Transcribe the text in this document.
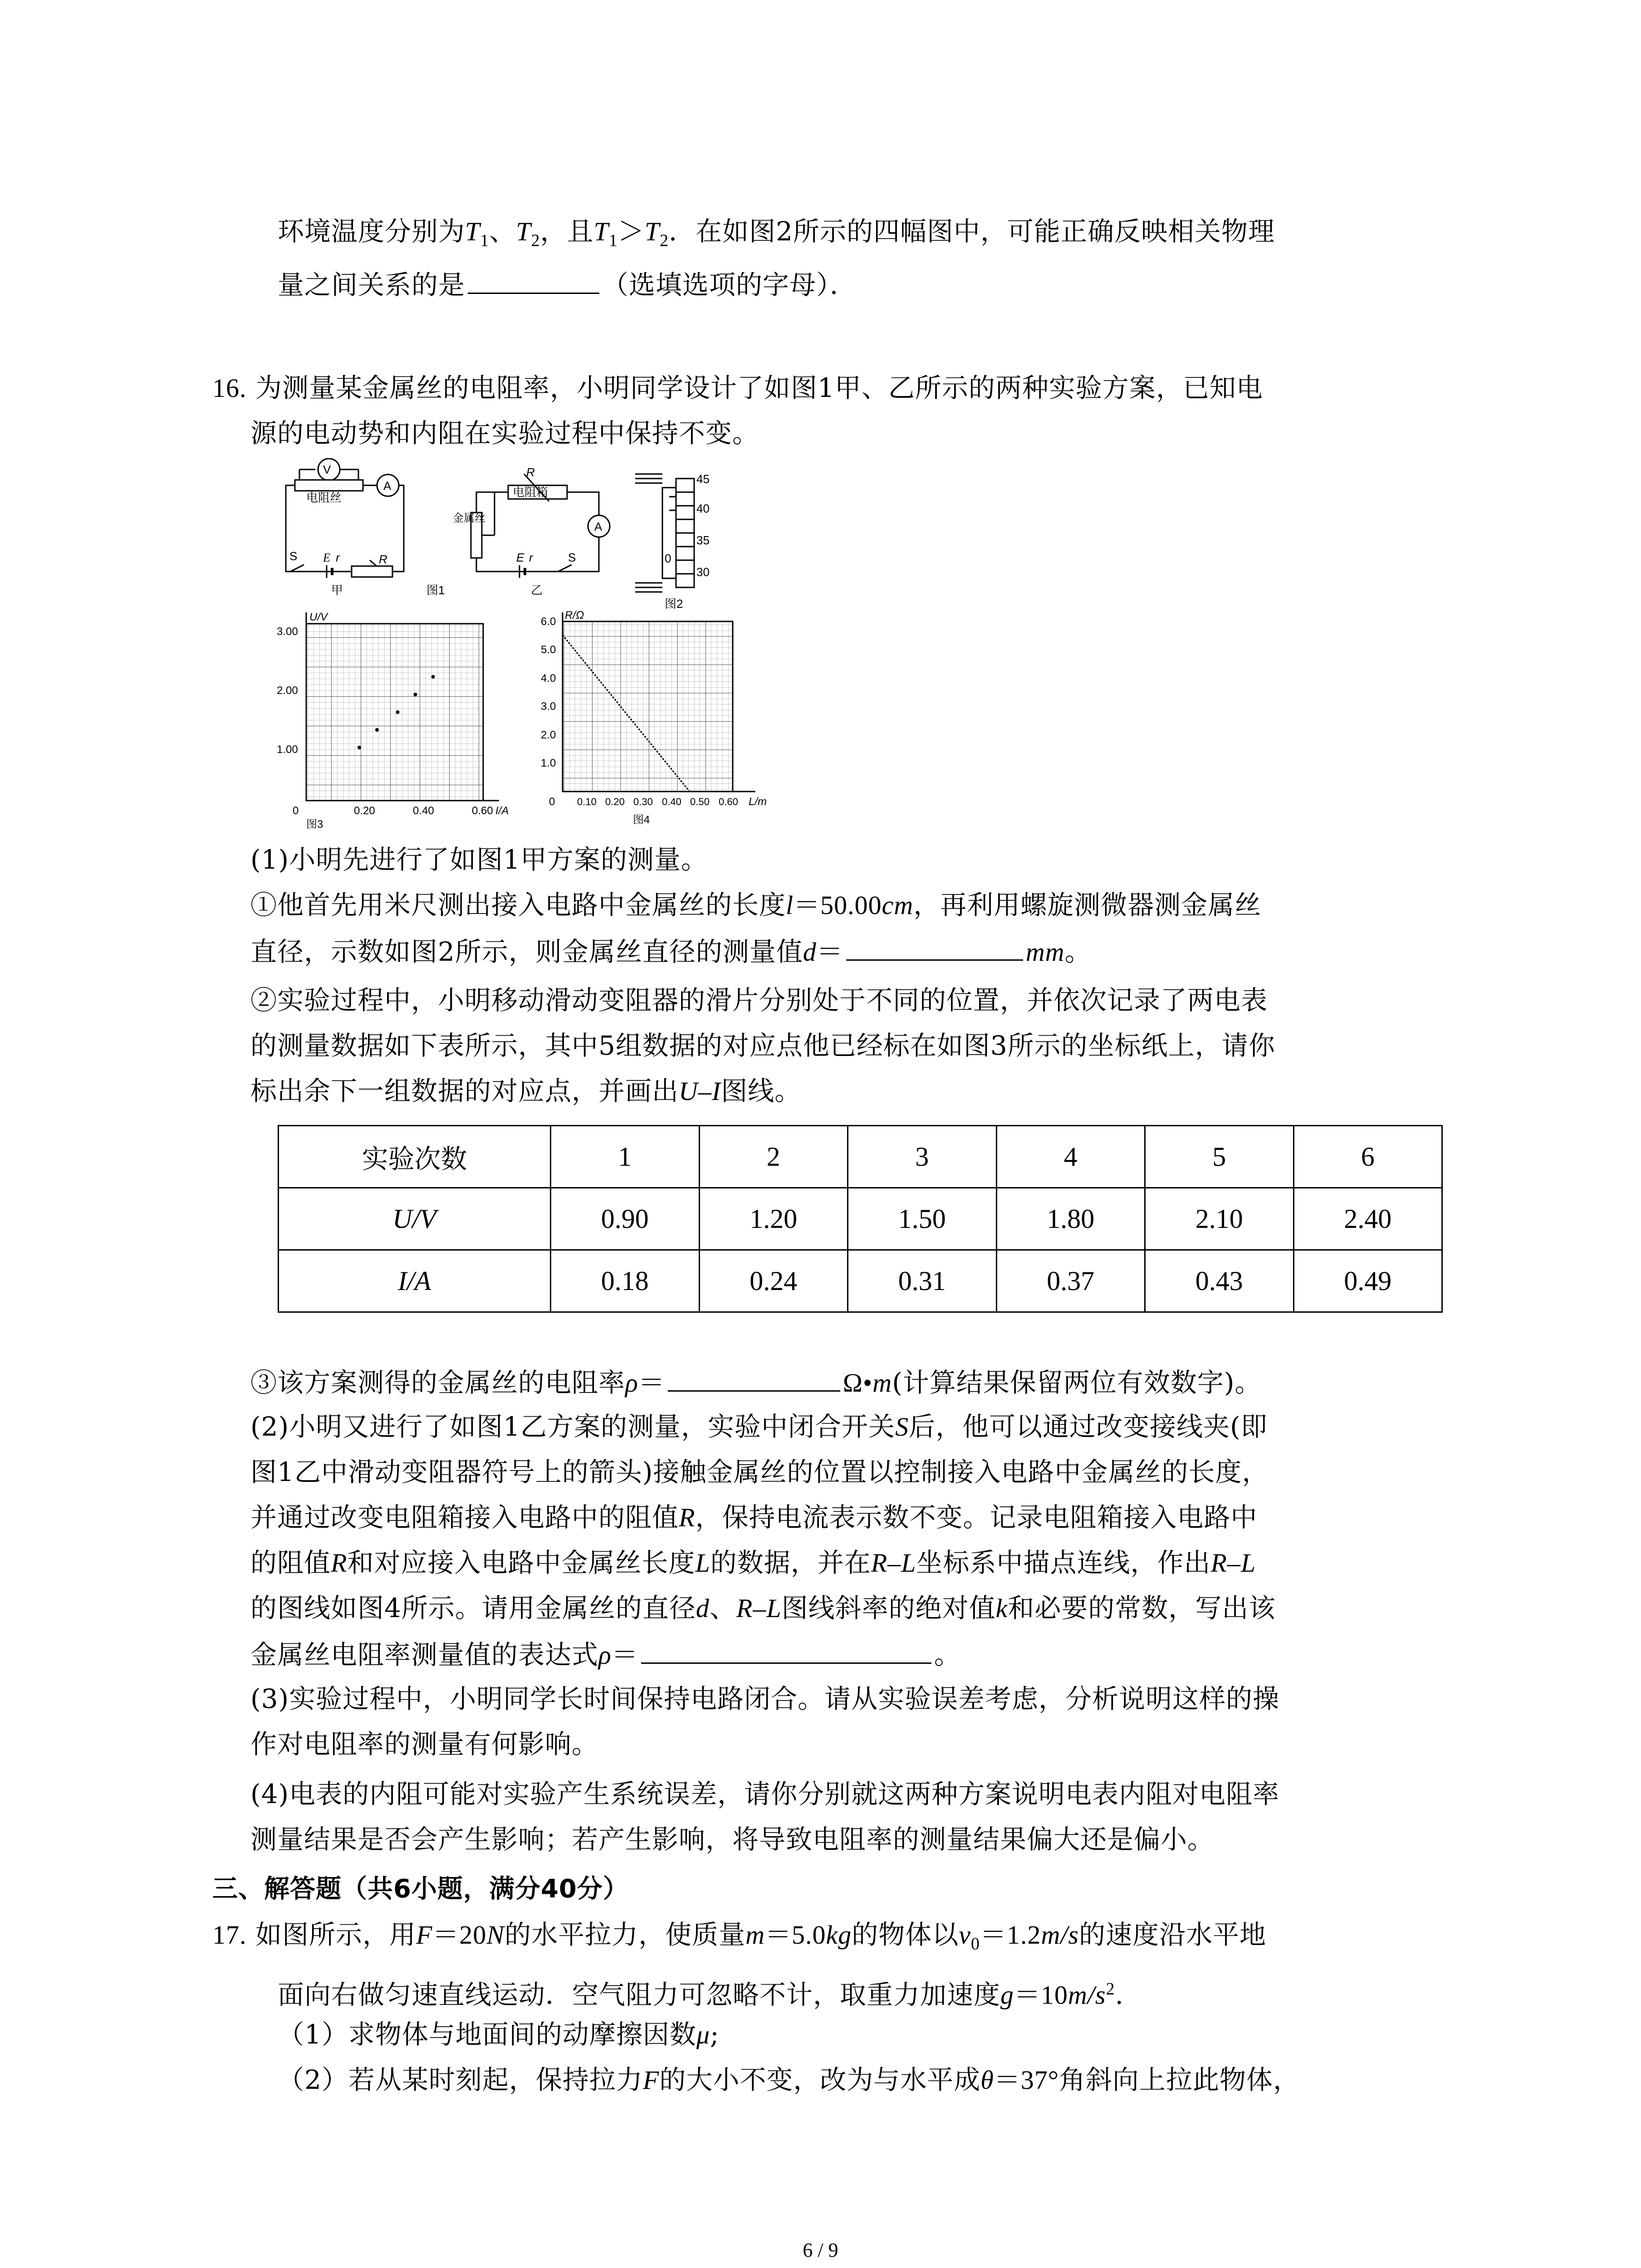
环境温度分别为$T_1$、$T_2$，且$T_1>T_2$．在如图2所示的四幅图中，可能正确反映相关物理
量之间关系的是	（选填选项的字母）．
16. 为测量某金属丝的电阻率，小明同学设计了如图1甲、乙所示的两种实验方案，已知电
源的电动势和内阻在实验过程中保持不变。
V
A
电阻丝
S E r	R
甲
金属丝
R
电阻箱
A
E r	S
乙
图1
45
40
35
30
0
图2
U/V
3.00
2.00
1.00
0	0.20	0.40	0.60 I/A
图3
R/Ω
6.0
5.0
4.0
3.0
2.0
1.0
0 0.10 0.20 0.30 0.40 0.50 0.60 L/m
图4
(1)小明先进行了如图1甲方案的测量。
①他首先用米尺测出接入电路中金属丝的长度l＝50.00cm，再利用螺旋测微器测金属丝
直径，示数如图2所示，则金属丝直径的测量值d＝	mm。
②实验过程中，小明移动滑动变阻器的滑片分别处于不同的位置，并依次记录了两电表
的测量数据如下表所示，其中5组数据的对应点他已经标在如图3所示的坐标纸上，请你
标出余下一组数据的对应点，并画出U–I图线。
实验次数	1	2	3	4	5	6
U/V	0.90	1.20	1.50	1.80	2.10	2.40
I/A	0.18	0.24	0.31	0.37	0.43	0.49
③该方案测得的金属丝的电阻率ρ＝	Ω•m(计算结果保留两位有效数字)。
(2)小明又进行了如图1乙方案的测量，实验中闭合开关S后，他可以通过改变接线夹(即
图1乙中滑动变阻器符号上的箭头)接触金属丝的位置以控制接入电路中金属丝的长度，
并通过改变电阻箱接入电路中的阻值R，保持电流表示数不变。记录电阻箱接入电路中
的阻值R和对应接入电路中金属丝长度L的数据，并在R–L坐标系中描点连线，作出R–L
的图线如图4所示。请用金属丝的直径d、R–L图线斜率的绝对值k和必要的常数，写出该
金属丝电阻率测量值的表达式ρ＝	。
(3)实验过程中，小明同学长时间保持电路闭合。请从实验误差考虑，分析说明这样的操
作对电阻率的测量有何影响。
(4)电表的内阻可能对实验产生系统误差，请你分别就这两种方案说明电表内阻对电阻率
测量结果是否会产生影响；若产生影响，将导致电阻率的测量结果偏大还是偏小。
三、解答题（共6小题，满分40分）
17. 如图所示，用F＝20N的水平拉力，使质量m＝5.0kg的物体以$v_0=1.2m/s$的速度沿水平地
面向右做匀速直线运动．空气阻力可忽略不计，取重力加速度$g=10m/s^2$.
（1）求物体与地面间的动摩擦因数μ;
（2）若从某时刻起，保持拉力F的大小不变，改为与水平成θ＝37°角斜向上拉此物体，
6 / 9
